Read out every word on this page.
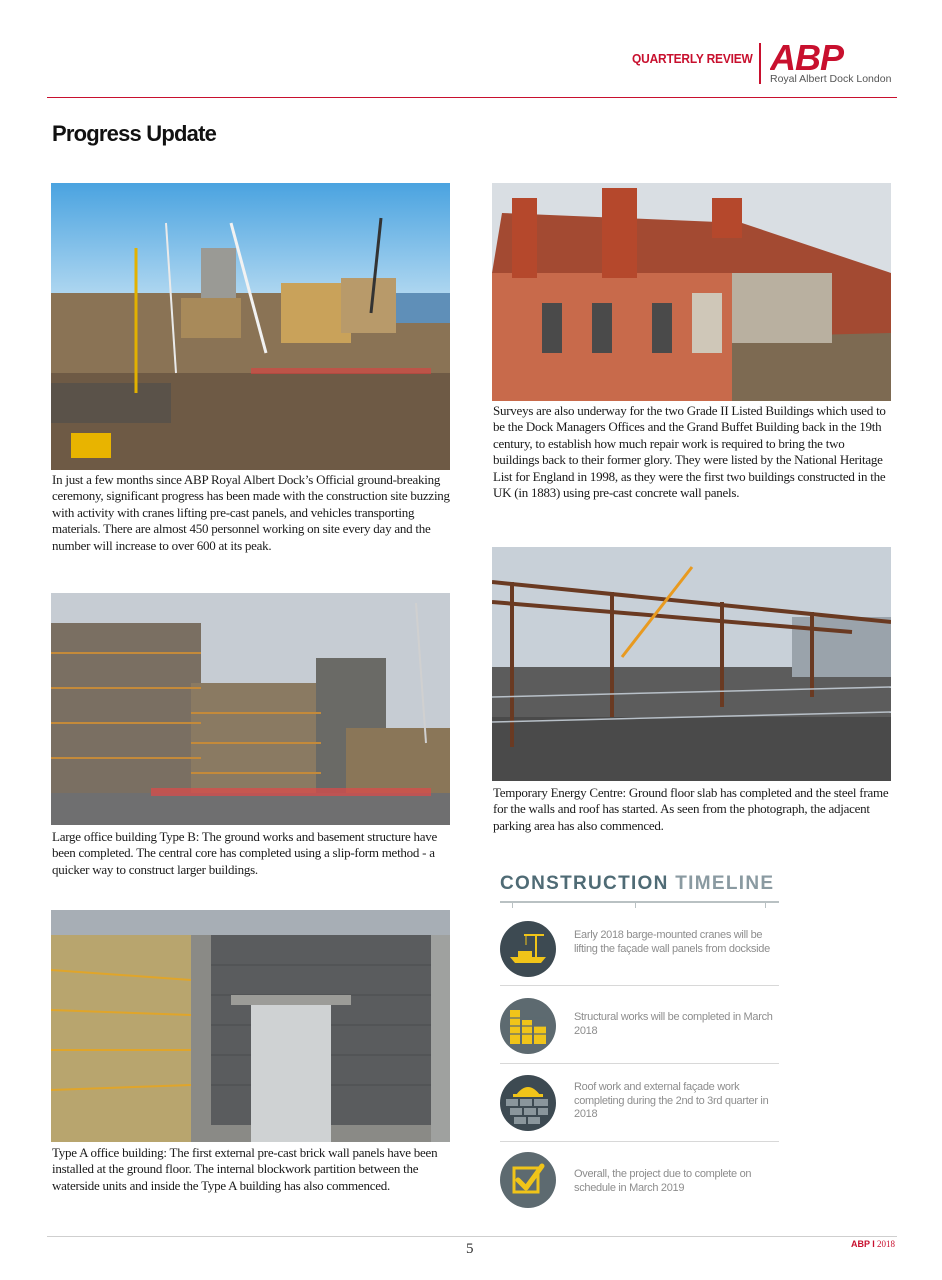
QUARTERLY REVIEW ABP
Royal Albert Dock London
Progress Update
In just a few months since ABP Royal Albert Dock’s Official ground-breaking ceremony, significant progress has been made with the construction site buzzing with activity with cranes lifting pre-cast panels, and vehicles transporting materials. There are almost 450 personnel working on site every day and the number will increase to over 600 at its peak.
Surveys are also underway for the two Grade II Listed Buildings which used to be the Dock Managers Offices and the Grand Buffet Building back in the 19th century, to establish how much repair work is required to bring the two buildings back to their former glory. They were listed by the National Heritage List for England in 1998, as they were the first two buildings constructed in the UK (in 1883) using pre-cast concrete wall panels.
Large office building Type B: The ground works and basement structure have been completed. The central core has completed using a slip-form method - a quicker way to construct larger buildings.
Temporary Energy Centre: Ground floor slab has completed and the steel frame for the walls and roof has started. As seen from the photograph, the adjacent parking area has also commenced.
Type A office building: The first external pre-cast brick wall panels have been installed at the ground floor. The internal blockwork partition between the waterside units and inside the Type A building has also commenced.
CONSTRUCTION TIMELINE
Early 2018 barge-mounted cranes will be lifting the façade wall panels from dockside
Structural works will be completed in March 2018
Roof work and external façade work completing during the 2nd to 3rd quarter in 2018
Overall, the project due to complete on schedule in March 2019
5	ABP I 2018
